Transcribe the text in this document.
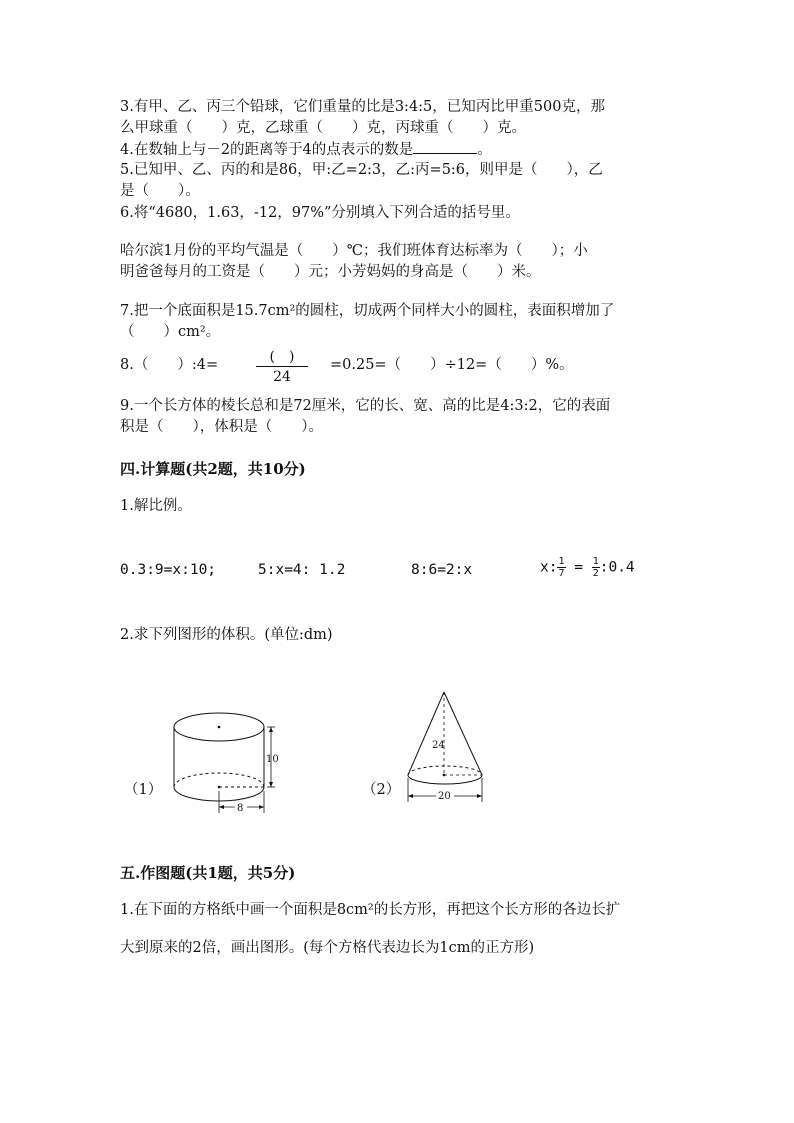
3.有甲、乙、丙三个铅球，它们重量的比是3:4:5，已知丙比甲重500克，那
么甲球重（　　）克，乙球重（　　）克，丙球重（　　）克。
4.在数轴上与－2的距离等于4的点表示的数是	。
5.已知甲、乙、丙的和是86，甲:乙=2:3，乙:丙=5:6，则甲是（　　），乙
是（　　）。
6.将“4680，1.63，-12，97%”分别填入下列合适的括号里。
哈尔滨1月份的平均气温是（　　）℃；我们班体育达标率为（　　）；小
明爸爸每月的工资是（　　）元；小芳妈妈的身高是（　　）米。
7.把一个底面积是15.7cm²的圆柱，切成两个同样大小的圆柱，表面积增加了
（　　）cm²。
8.（　　）:4=	(　)
24
=0.25=（　　）÷12=（　　）%。
9.一个长方体的棱长总和是72厘米，它的长、宽、高的比是4:3:2，它的表面
积是（　　），体积是（　　）。
四.计算题(共2题，共10分)
1.解比例。
0.3:9=x:10;	5:x=4: 1.2	8:6=2:x	x: $\frac{1}{7} = \frac{1}{2}$ :0.4
2.求下列图形的体积。(单位:dm)
（1）
10
8
（2）
24
20
五.作图题(共1题，共5分)
1.在下面的方格纸中画一个面积是8cm²的长方形，再把这个长方形的各边长扩
大到原来的2倍，画出图形。(每个方格代表边长为1cm的正方形)
